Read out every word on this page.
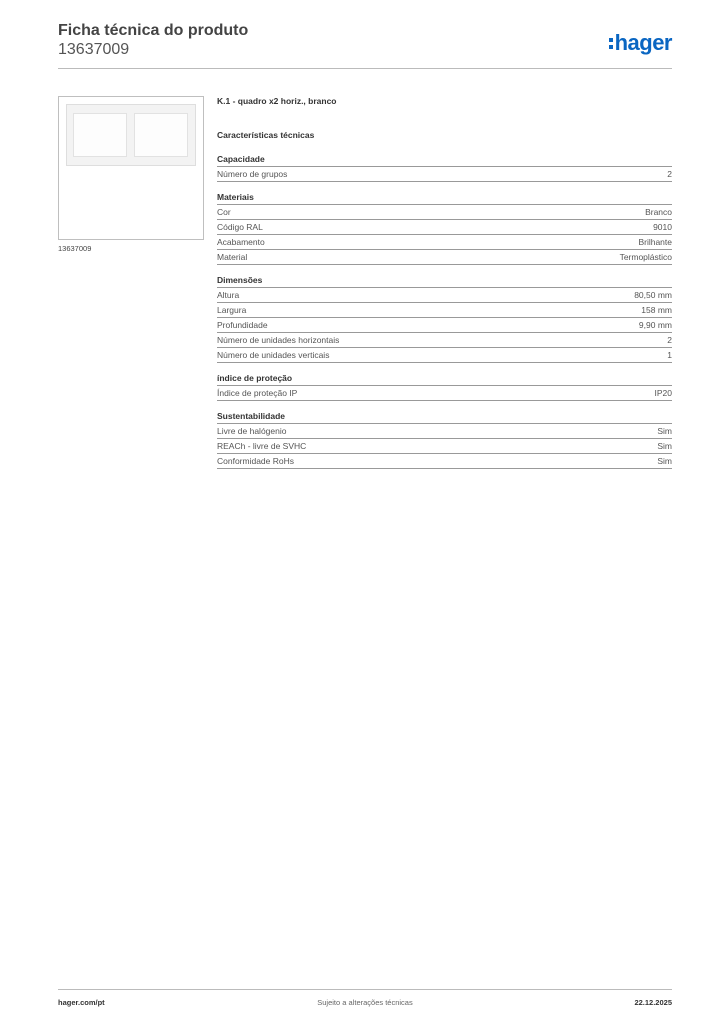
Ficha técnica do produto
13637009	hager
13637009
K.1 - quadro x2 horiz., branco
Características técnicas
Capacidade
Número de grupos	2
Materiais
Cor	Branco
Código RAL	9010
Acabamento	Brilhante
Material	Termoplástico
Dimensões
Altura	80,50 mm
Largura	158 mm
Profundidade	9,90 mm
Número de unidades horizontais	2
Número de unidades verticais	1
índice de proteção
Índice de proteção IP	IP20
Sustentabilidade
Livre de halógenio	Sim
REACh - livre de SVHC	Sim
Conformidade RoHs	Sim
hager.com/pt	Sujeito a alterações técnicas	22.12.2025
